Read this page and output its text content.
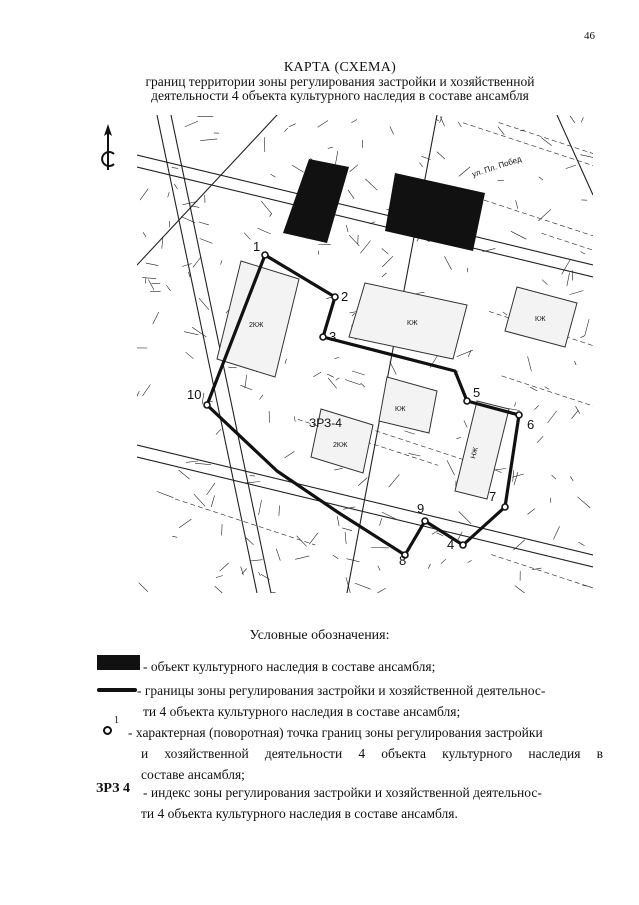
46
КАРТА (СХЕМА)
границ территории зоны регулирования застройки и хозяйственной
деятельности 4 объекта культурного наследия в составе ансамбля
1
2
3
4
5
6
7
8
9
10
ЗРЗ-4
ул. Пл. Побед
КЖ
НЖ
2КЖ
КЖ
2КЖ
КЖ
Условные обозначения:
- объект культурного наследия в составе ансамбля;
- границы зоны регулирования застройки и хозяйственной деятельнос-
ти 4 объекта культурного наследия в составе ансамбля;
1
- характерная (поворотная) точка границ зоны регулирования застройки
и хозяйственной деятельности 4 объекта культурного наследия в
составе ансамбля;
ЗРЗ 4 - индекс зоны регулирования застройки и хозяйственной деятельнос-
ти 4 объекта культурного наследия в составе ансамбля.
